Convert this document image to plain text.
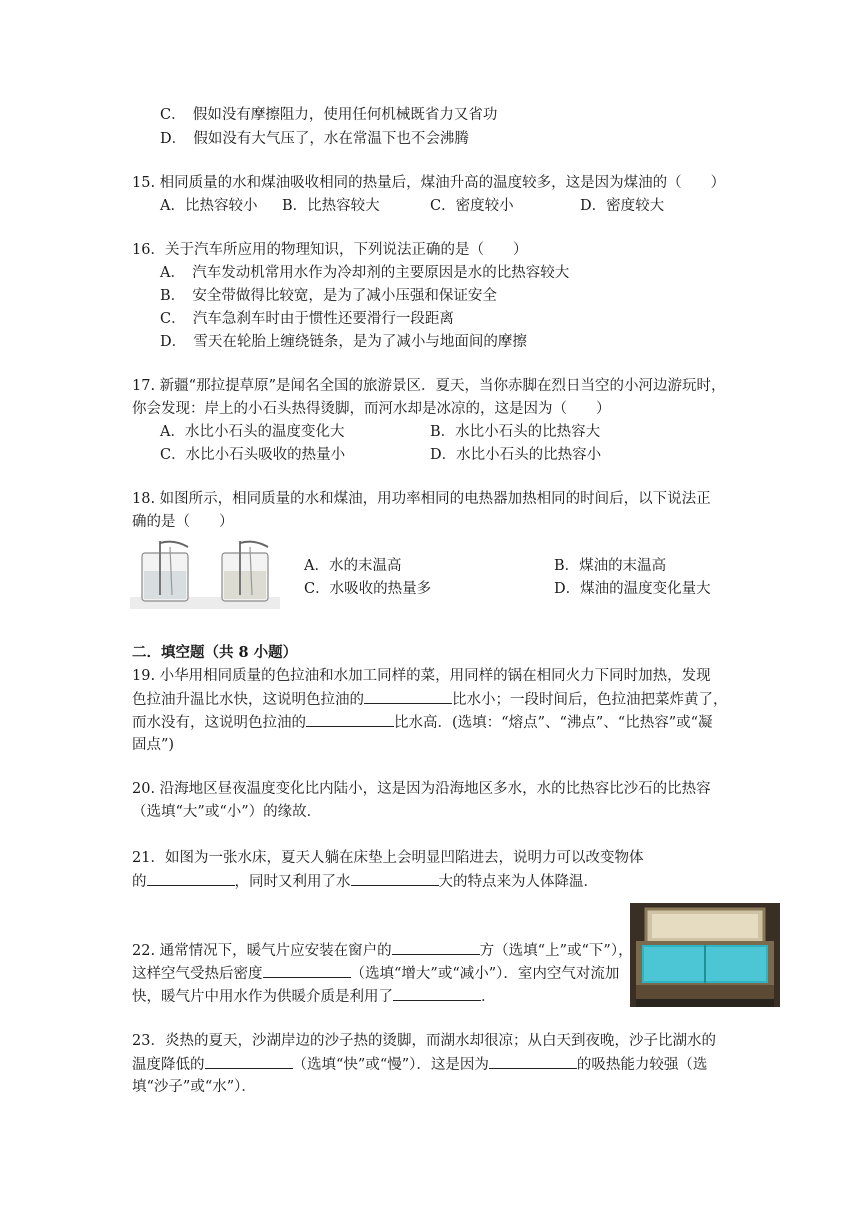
C．　假如没有摩擦阻力，使用任何机械既省力又省功
D．　假如没有大气压了，水在常温下也不会沸腾
15. 相同质量的水和煤油吸收相同的热量后，煤油升高的温度较多，这是因为煤油的（　　）
A．比热容较小 B．比热容较大	C．密度较小	D．密度较大
16．关于汽车所应用的物理知识，下列说法正确的是（　　）
A．　汽车发动机常用水作为冷却剂的主要原因是水的比热容较大
B．　安全带做得比较宽，是为了减小压强和保证安全
C．　汽车急刹车时由于惯性还要滑行一段距离
D．　雪天在轮胎上缠绕链条，是为了减小与地面间的摩擦
17. 新疆“那拉提草原”是闻名全国的旅游景区．夏天，当你赤脚在烈日当空的小河边游玩时，
你会发现：岸上的小石头热得烫脚，而河水却是冰凉的，这是因为（　　）
A．水比小石头的温度变化大	B．水比小石头的比热容大
C．水比小石头吸收的热量小	D．水比小石头的比热容小
18. 如图所示，相同质量的水和煤油，用功率相同的电热器加热相同的时间后，以下说法正
确的是（　　）
A．水的末温高	B．煤油的末温高
C．水吸收的热量多	D．煤油的温度变化量大
二．填空题（共 8 小题）
19. 小华用相同质量的色拉油和水加工同样的菜，用同样的锅在相同火力下同时加热，发现
色拉油升温比水快，这说明色拉油的	比水小；一段时间后，色拉油把菜炸黄了，
而水没有，这说明色拉油的	比水高．(选填：“熔点”、“沸点”、“比热容”或“凝
固点”)
20. 沿海地区昼夜温度变化比内陆小，这是因为沿海地区多水，水的比热容比沙石的比热容
（选填“大”或“小”）的缘故．
21．如图为一张水床，夏天人躺在床垫上会明显凹陷进去，说明力可以改变物体
的	，同时又利用了水	大的特点来为人体降温．
22. 通常情况下，暖气片应安装在窗户的	方（选填“上”或“下”），
这样空气受热后密度	（选填“增大”或“减小”）．室内空气对流加
快，暖气片中用水作为供暖介质是利用了	．
23．炎热的夏天，沙湖岸边的沙子热的烫脚，而湖水却很凉；从白天到夜晚，沙子比湖水的
温度降低的	（选填“快”或“慢”）．这是因为	的吸热能力较强（选
填“沙子”或“水”）．
